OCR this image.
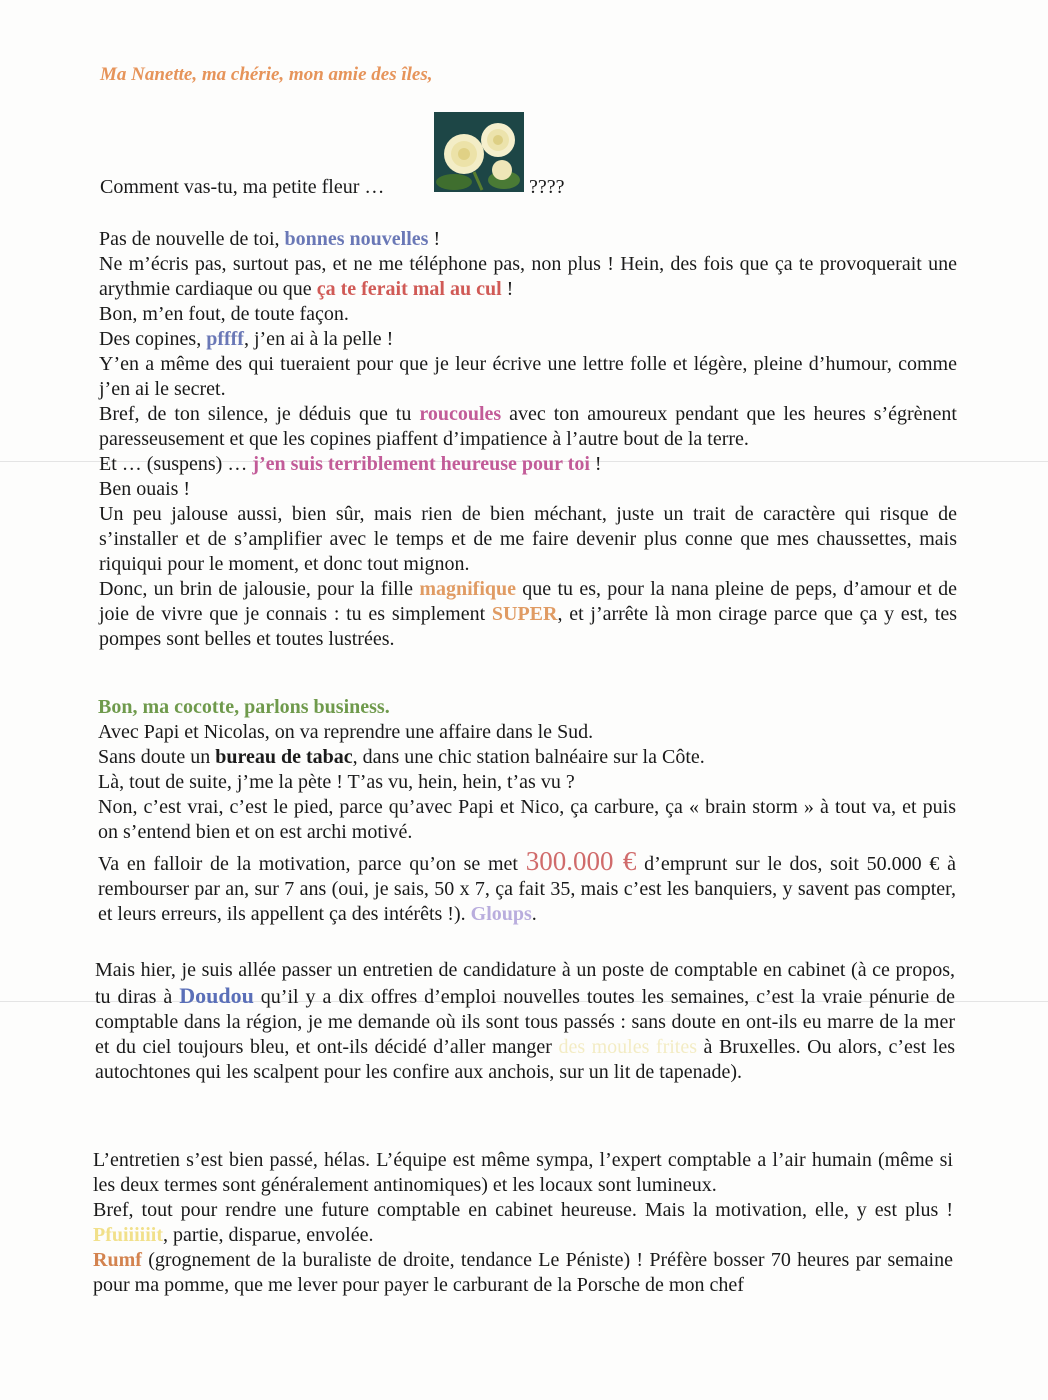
Ma Nanette, ma chérie, mon amie des îles,
Comment vas-tu, ma petite fleur …	????

Pas de nouvelle de toi, bonnes nouvelles !

Ne m’écris pas, surtout pas, et ne me téléphone pas, non plus ! Hein, des fois que ça te provoquerait une arythmie cardiaque ou que ça te ferait mal au cul !

Bon, m’en fout, de toute façon.

Des copines, pffff, j’en ai à la pelle !

Y’en a même des qui tueraient pour que je leur écrive une lettre folle et légère, pleine d’humour, comme j’en ai le secret.

Bref, de ton silence, je déduis que tu roucoules avec ton amoureux pendant que les heures s’égrènent paresseusement et que les copines piaffent d’impatience à l’autre bout de la terre.

Et … (suspens) … j’en suis terriblement heureuse pour toi !

Ben ouais !

Un peu jalouse aussi, bien sûr, mais rien de bien méchant, juste un trait de caractère qui risque de s’installer et de s’amplifier avec le temps et de me faire devenir plus conne que mes chaussettes, mais riquiqui pour le moment, et donc tout mignon.

Donc, un brin de jalousie, pour la fille magnifique que tu es, pour la nana pleine de peps, d’amour et de joie de vivre que je connais : tu es simplement SUPER, et j’arrête là mon cirage parce que ça y est, tes pompes sont belles et toutes lustrées.

Bon, ma cocotte, parlons business.

Avec Papi et Nicolas, on va reprendre une affaire dans le Sud.

Sans doute un bureau de tabac, dans une chic station balnéaire sur la Côte.

Là, tout de suite, j’me la pète ! T’as vu, hein, hein, t’as vu ?

Non, c’est vrai, c’est le pied, parce qu’avec Papi et Nico, ça carbure, ça « brain storm » à tout va, et puis on s’entend bien et on est archi motivé.

Va en falloir de la motivation, parce qu’on se met 300.000 € d’emprunt sur le dos, soit 50.000 € à rembourser par an, sur 7 ans (oui, je sais, 50 x 7, ça fait 35, mais c’est les banquiers, y savent pas compter, et leurs erreurs, ils appellent ça des intérêts !). Gloups.

Mais hier, je suis allée passer un entretien de candidature à un poste de comptable en cabinet (à ce propos, tu diras à Doudou qu’il y a dix offres d’emploi nouvelles toutes les semaines, c’est la vraie pénurie de comptable dans la région, je me demande où ils sont tous passés : sans doute en ont-ils eu marre de la mer et du ciel toujours bleu, et ont-ils décidé d’aller manger des moules frites à Bruxelles. Ou alors, c’est les autochtones qui les scalpent pour les confire aux anchois, sur un lit de tapenade).

L’entretien s’est bien passé, hélas. L’équipe est même sympa, l’expert comptable a l’air humain (même si les deux termes sont généralement antinomiques) et les locaux sont lumineux.

Bref, tout pour rendre une future comptable en cabinet heureuse. Mais la motivation, elle, y est plus ! Pfuiiiiiit, partie, disparue, envolée.

Rumf (grognement de la buraliste de droite, tendance Le Péniste) ! Préfère bosser 70 heures par semaine pour ma pomme, que me lever pour payer le carburant de la Porsche de mon chef
